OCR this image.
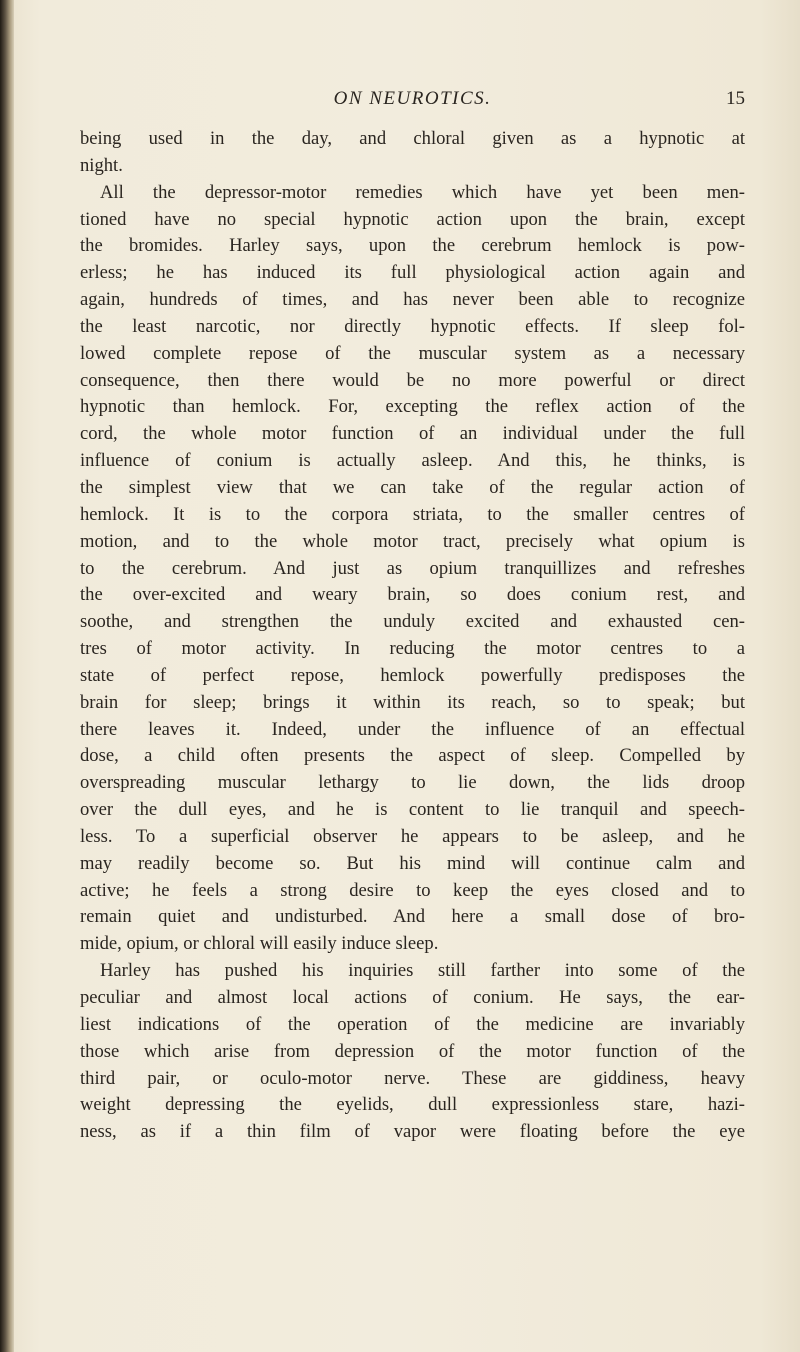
ON NEUROTICS.	15
being used in the day, and chloral given as a hypnotic at
night.
All the depressor-motor remedies which have yet been men-
tioned have no special hypnotic action upon the brain, except
the bromides. Harley says, upon the cerebrum hemlock is pow-
erless; he has induced its full physiological action again and
again, hundreds of times, and has never been able to recognize
the least narcotic, nor directly hypnotic effects. If sleep fol-
lowed complete repose of the muscular system as a necessary
consequence, then there would be no more powerful or direct
hypnotic than hemlock. For, excepting the reflex action of the
cord, the whole motor function of an individual under the full
influence of conium is actually asleep. And this, he thinks, is
the simplest view that we can take of the regular action of
hemlock. It is to the corpora striata, to the smaller centres of
motion, and to the whole motor tract, precisely what opium is
to the cerebrum. And just as opium tranquillizes and refreshes
the over-excited and weary brain, so does conium rest, and
soothe, and strengthen the unduly excited and exhausted cen-
tres of motor activity. In reducing the motor centres to a
state of perfect repose, hemlock powerfully predisposes the
brain for sleep; brings it within its reach, so to speak; but
there leaves it. Indeed, under the influence of an effectual
dose, a child often presents the aspect of sleep. Compelled by
overspreading muscular lethargy to lie down, the lids droop
over the dull eyes, and he is content to lie tranquil and speech-
less. To a superficial observer he appears to be asleep, and he
may readily become so. But his mind will continue calm and
active; he feels a strong desire to keep the eyes closed and to
remain quiet and undisturbed. And here a small dose of bro-
mide, opium, or chloral will easily induce sleep.
Harley has pushed his inquiries still farther into some of the
peculiar and almost local actions of conium. He says, the ear-
liest indications of the operation of the medicine are invariably
those which arise from depression of the motor function of the
third pair, or oculo-motor nerve. These are giddiness, heavy
weight depressing the eyelids, dull expressionless stare, hazi-
ness, as if a thin film of vapor were floating before the eye
